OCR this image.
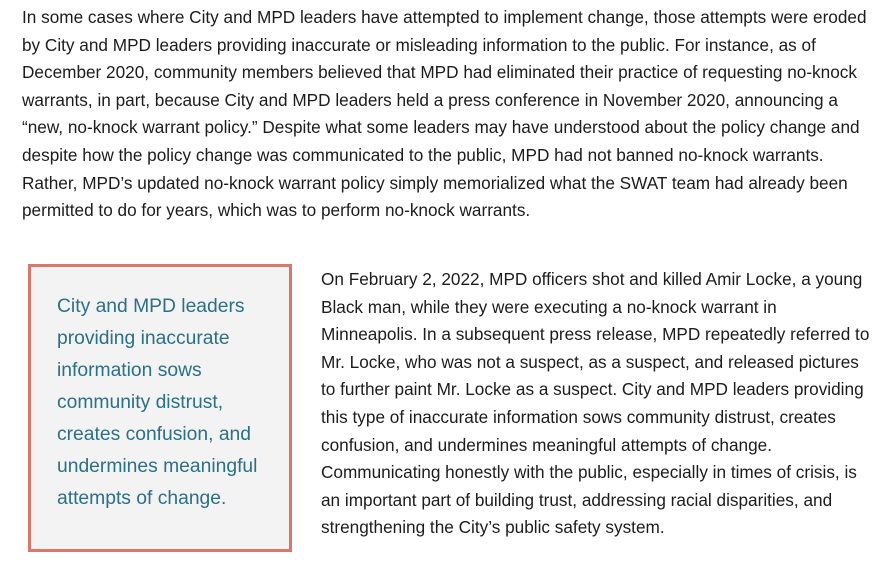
In some cases where City and MPD leaders have attempted to implement change, those attempts were eroded by City and MPD leaders providing inaccurate or misleading information to the public. For instance, as of December 2020, community members believed that MPD had eliminated their practice of requesting no-knock warrants, in part, because City and MPD leaders held a press conference in November 2020, announcing a “new, no-knock warrant policy.” Despite what some leaders may have understood about the policy change and despite how the policy change was communicated to the public, MPD had not banned no-knock warrants. Rather, MPD’s updated no-knock warrant policy simply memorialized what the SWAT team had already been permitted to do for years, which was to perform no-knock warrants.

City and MPD leaders providing inaccurate information sows community distrust, creates confusion, and undermines meaningful attempts of change.

On February 2, 2022, MPD officers shot and killed Amir Locke, a young Black man, while they were executing a no-knock warrant in Minneapolis. In a subsequent press release, MPD repeatedly referred to Mr. Locke, who was not a suspect, as a suspect, and released pictures to further paint Mr. Locke as a suspect. City and MPD leaders providing this type of inaccurate information sows community distrust, creates confusion, and undermines meaningful attempts of change. Communicating honestly with the public, especially in times of crisis, is an important part of building trust, addressing racial disparities, and strengthening the City’s public safety system.
